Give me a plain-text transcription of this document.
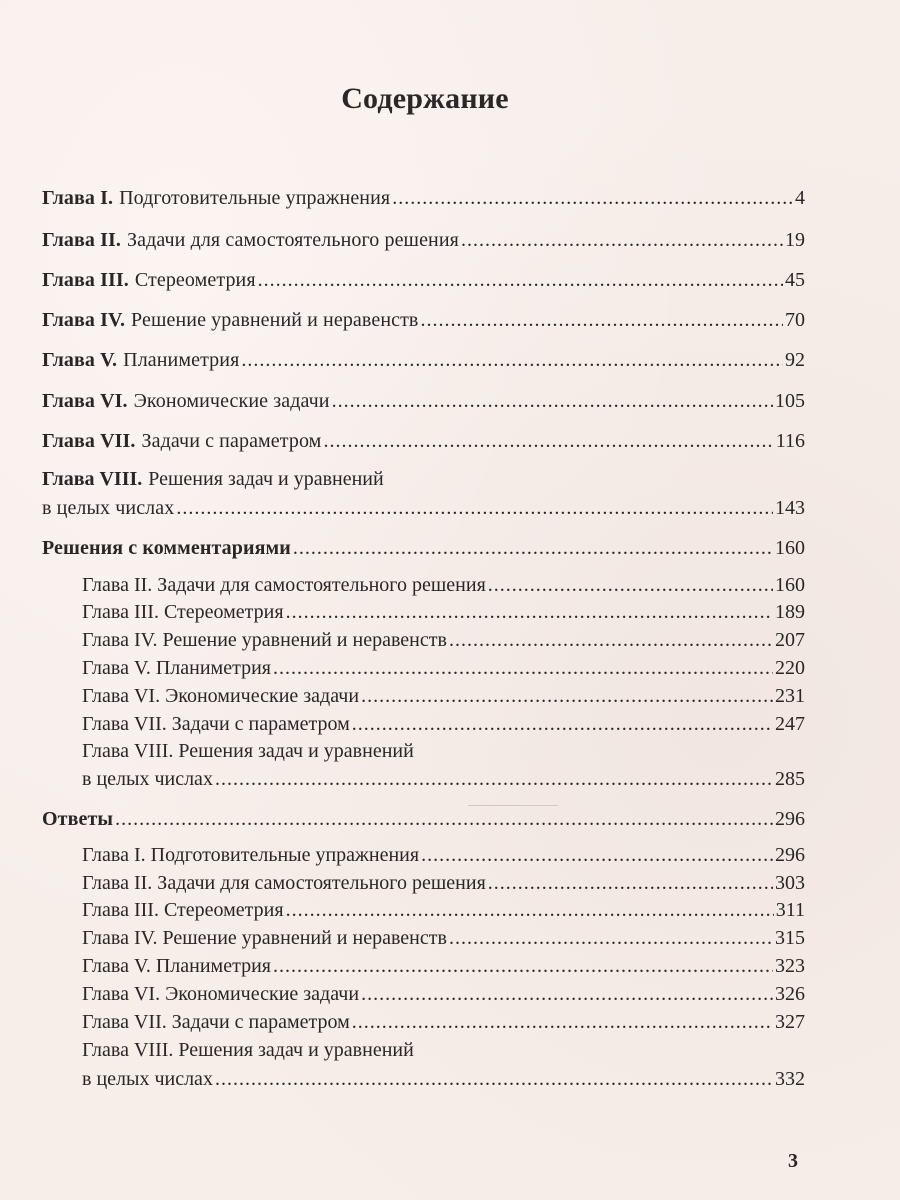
Содержание
Глава I. Подготовительные упражнения .....	4
Глава II. Задачи для самостоятельного решения .....	19
Глава III. Стереометрия .....	45
Глава IV. Решение уравнений и неравенств .....	70
Глава V. Планиметрия .....	92
Глава VI. Экономические задачи .....	105
Глава VII. Задачи с параметром .....	116
Глава VIII. Решения задач и уравнений
в целых числах .....	143
Решения с комментариями .....	160
Глава II. Задачи для самостоятельного решения .....	160
Глава III. Стереометрия .....	189
Глава IV. Решение уравнений и неравенств .....	207
Глава V. Планиметрия .....	220
Глава VI. Экономические задачи .....	231
Глава VII. Задачи с параметром .....	247
Глава VIII. Решения задач и уравнений
в целых числах .....	285
Ответы .....	296
Глава I. Подготовительные упражнения .....	296
Глава II. Задачи для самостоятельного решения .....	303
Глава III. Стереометрия .....	311
Глава IV. Решение уравнений и неравенств .....	315
Глава V. Планиметрия .....	323
Глава VI. Экономические задачи .....	326
Глава VII. Задачи с параметром .....	327
Глава VIII. Решения задач и уравнений
в целых числах .....	332
3
